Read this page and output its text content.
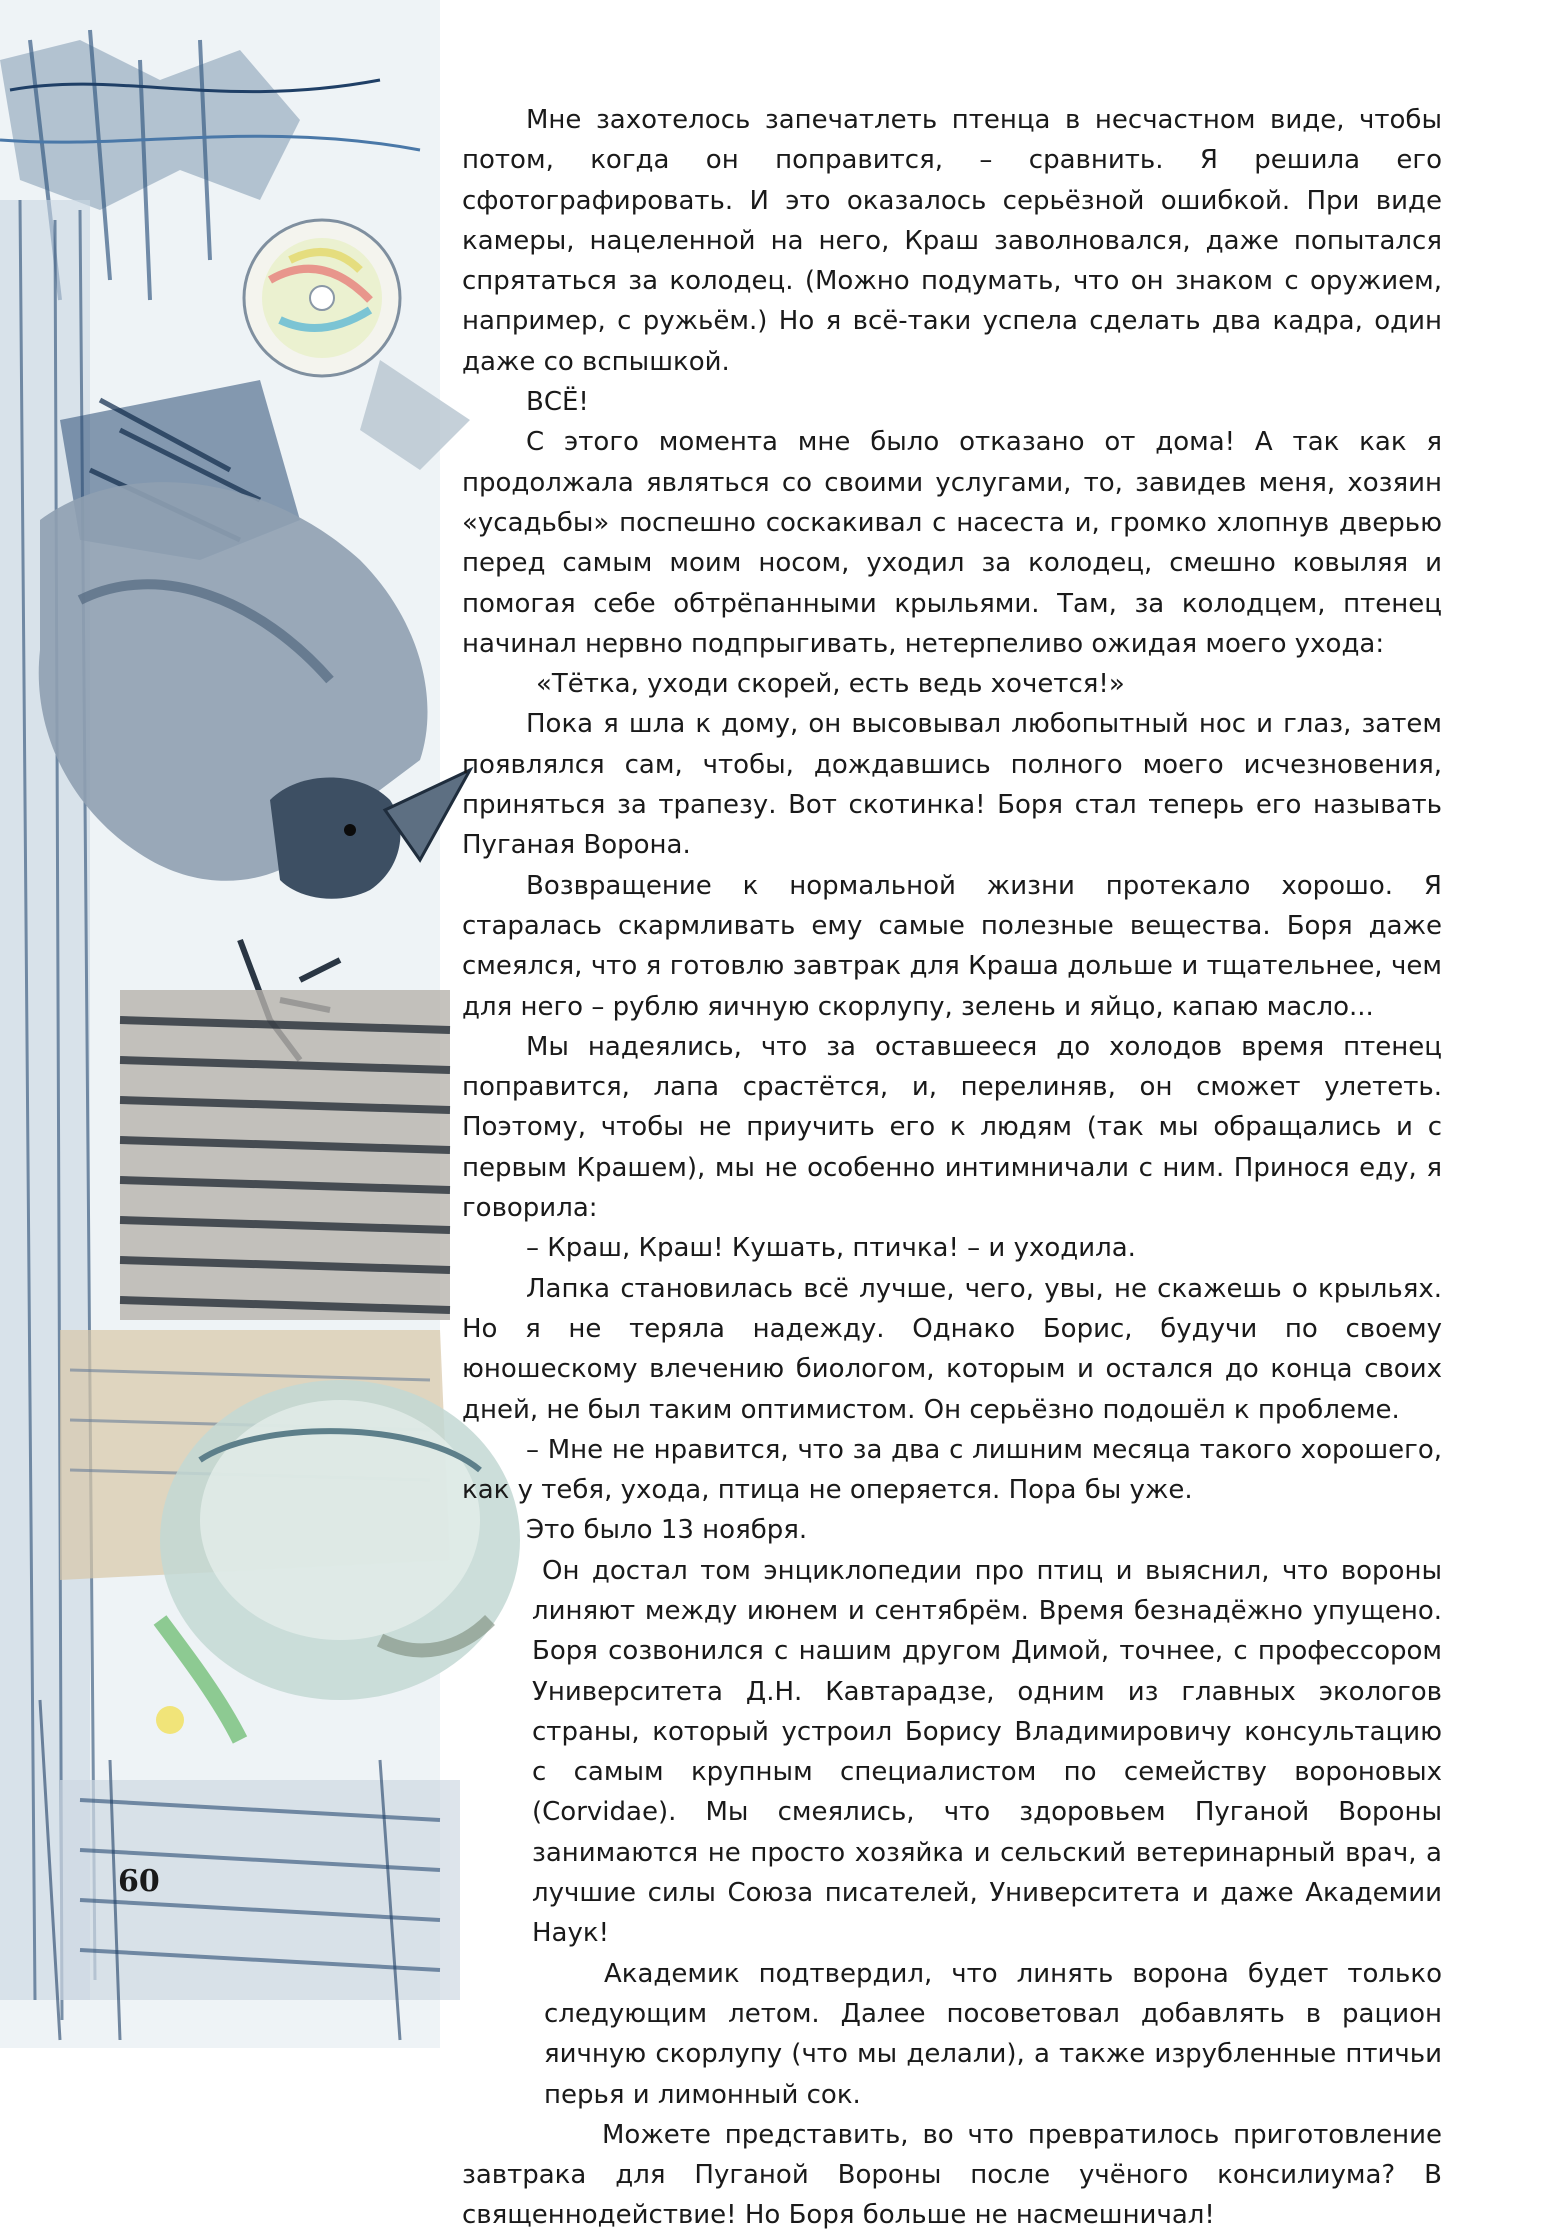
Мне захотелось запечатлеть птенца в несчастном виде, чтобы потом, когда он поправится, – сравнить. Я решила его сфотографировать. И это оказалось серьёзной ошибкой. При виде камеры, нацеленной на него, Краш заволновался, даже попытался спрятаться за колодец. (Можно подумать, что он знаком с оружием, например, с ружьём.) Но я всё-таки успела сделать два кадра, один даже со вспышкой.

ВСЁ!

С этого момента мне было отказано от дома! А так как я продолжала являться со своими услугами, то, завидев меня, хозяин «усадьбы» поспешно соскакивал с насеста и, громко хлопнув дверью перед самым моим носом, уходил за колодец, смешно ковыляя и помогая себе обтрёпанными крыльями. Там, за колодцем, птенец начинал нервно подпрыгивать, нетерпеливо ожидая моего ухода:

«Тётка, уходи скорей, есть ведь хочется!»

Пока я шла к дому, он высовывал любопытный нос и глаз, затем появлялся сам, чтобы, дождавшись полного моего исчезновения, приняться за трапезу. Вот скотинка! Боря стал теперь его называть Пуганая Ворона.

Возвращение к нормальной жизни протекало хорошо. Я старалась скармливать ему самые полезные вещества. Боря даже смеялся, что я готовлю завтрак для Краша дольше и тщательнее, чем для него – рублю яичную скорлупу, зелень и яйцо, капаю масло...

Мы надеялись, что за оставшееся до холодов время птенец поправится, лапа срастётся, и, перелиняв, он сможет улететь. Поэтому, чтобы не приучить его к людям (так мы обращались и с первым Крашем), мы не особенно интимничали с ним. Принося еду, я говорила:

– Краш, Краш! Кушать, птичка! – и уходила.

Лапка становилась всё лучше, чего, увы, не скажешь о крыльях. Но я не теряла надежду. Однако Борис, будучи по своему юношескому влечению биологом, которым и остался до конца своих дней, не был таким оптимистом. Он серьёзно подошёл к проблеме.

– Мне не нравится, что за два с лишним месяца такого хорошего, как у тебя, ухода, птица не оперяется. Пора бы уже.

Это было 13 ноября.

Он достал том энциклопедии про птиц и выяснил, что вороны линяют между июнем и сентябрём. Время безнадёжно упущено. Боря созвонился с нашим другом Димой, точнее, с профессором Университета Д.Н. Кавтарадзе, одним из главных экологов страны, который устроил Борису Владимировичу консультацию с самым крупным специалистом по семейству вороновых (Corvidae). Мы смеялись, что здоровьем Пуганой Вороны занимаются не просто хозяйка и сельский ветеринарный врач, а лучшие силы Союза писателей, Университета и даже Академии Наук!

Академик подтвердил, что линять ворона будет только следующим летом. Далее посоветовал добавлять в рацион яичную скорлупу (что мы делали), а также изрубленные птичьи перья и лимонный сок.

Можете представить, во что превратилось приготовление завтрака для Пуганой Вороны после учёного консилиума? В священнодействие! Но Боря больше не насмешничал!

60
